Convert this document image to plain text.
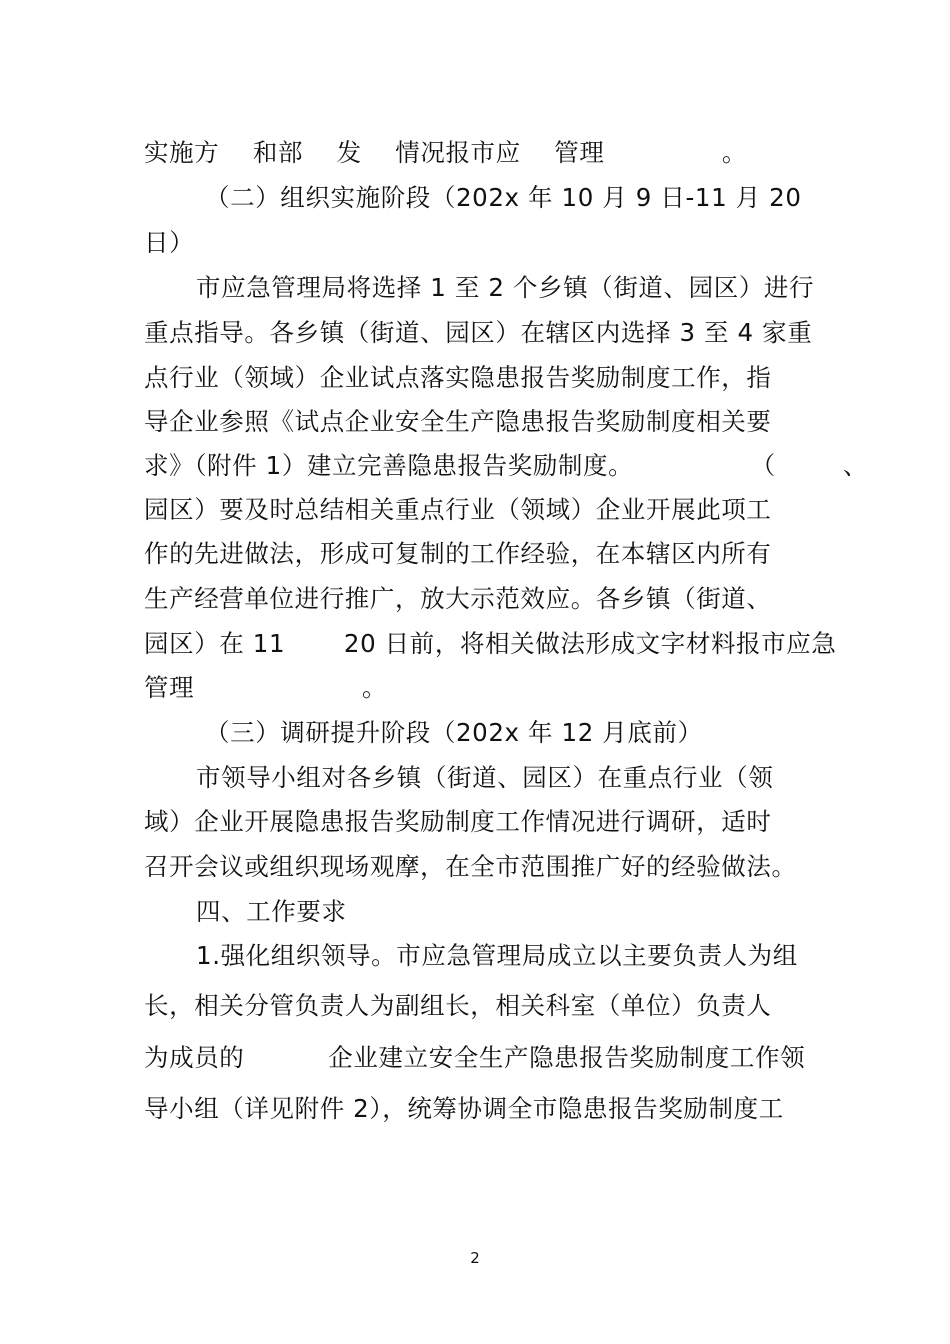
实施方    和部    发    情况报市应    管理              。
（二）组织实施阶段（202x 年 10 月 9 日-11 月 20
日）
市应急管理局将选择 1 至 2 个乡镇（街道、园区）进行
重点指导。各乡镇（街道、园区）在辖区内选择 3 至 4 家重
点行业（领域）企业试点落实隐患报告奖励制度工作，指
导企业参照《试点企业安全生产隐患报告奖励制度相关要
求》（附件 1）建立完善隐患报告奖励制度。              （        、
园区）要及时总结相关重点行业（领域）企业开展此项工
作的先进做法，形成可复制的工作经验，在本辖区内所有
生产经营单位进行推广，放大示范效应。各乡镇（街道、
园区）在 11       20 日前，将相关做法形成文字材料报市应急
管理                    。
（三）调研提升阶段（202x 年 12 月底前）
市领导小组对各乡镇（街道、园区）在重点行业（领
域）企业开展隐患报告奖励制度工作情况进行调研，适时
召开会议或组织现场观摩，在全市范围推广好的经验做法。
四、工作要求
1.强化组织领导。市应急管理局成立以主要负责人为组
长，相关分管负责人为副组长，相关科室（单位）负责人
为成员的          企业建立安全生产隐患报告奖励制度工作领
导小组（详见附件 2），统筹协调全市隐患报告奖励制度工
2
